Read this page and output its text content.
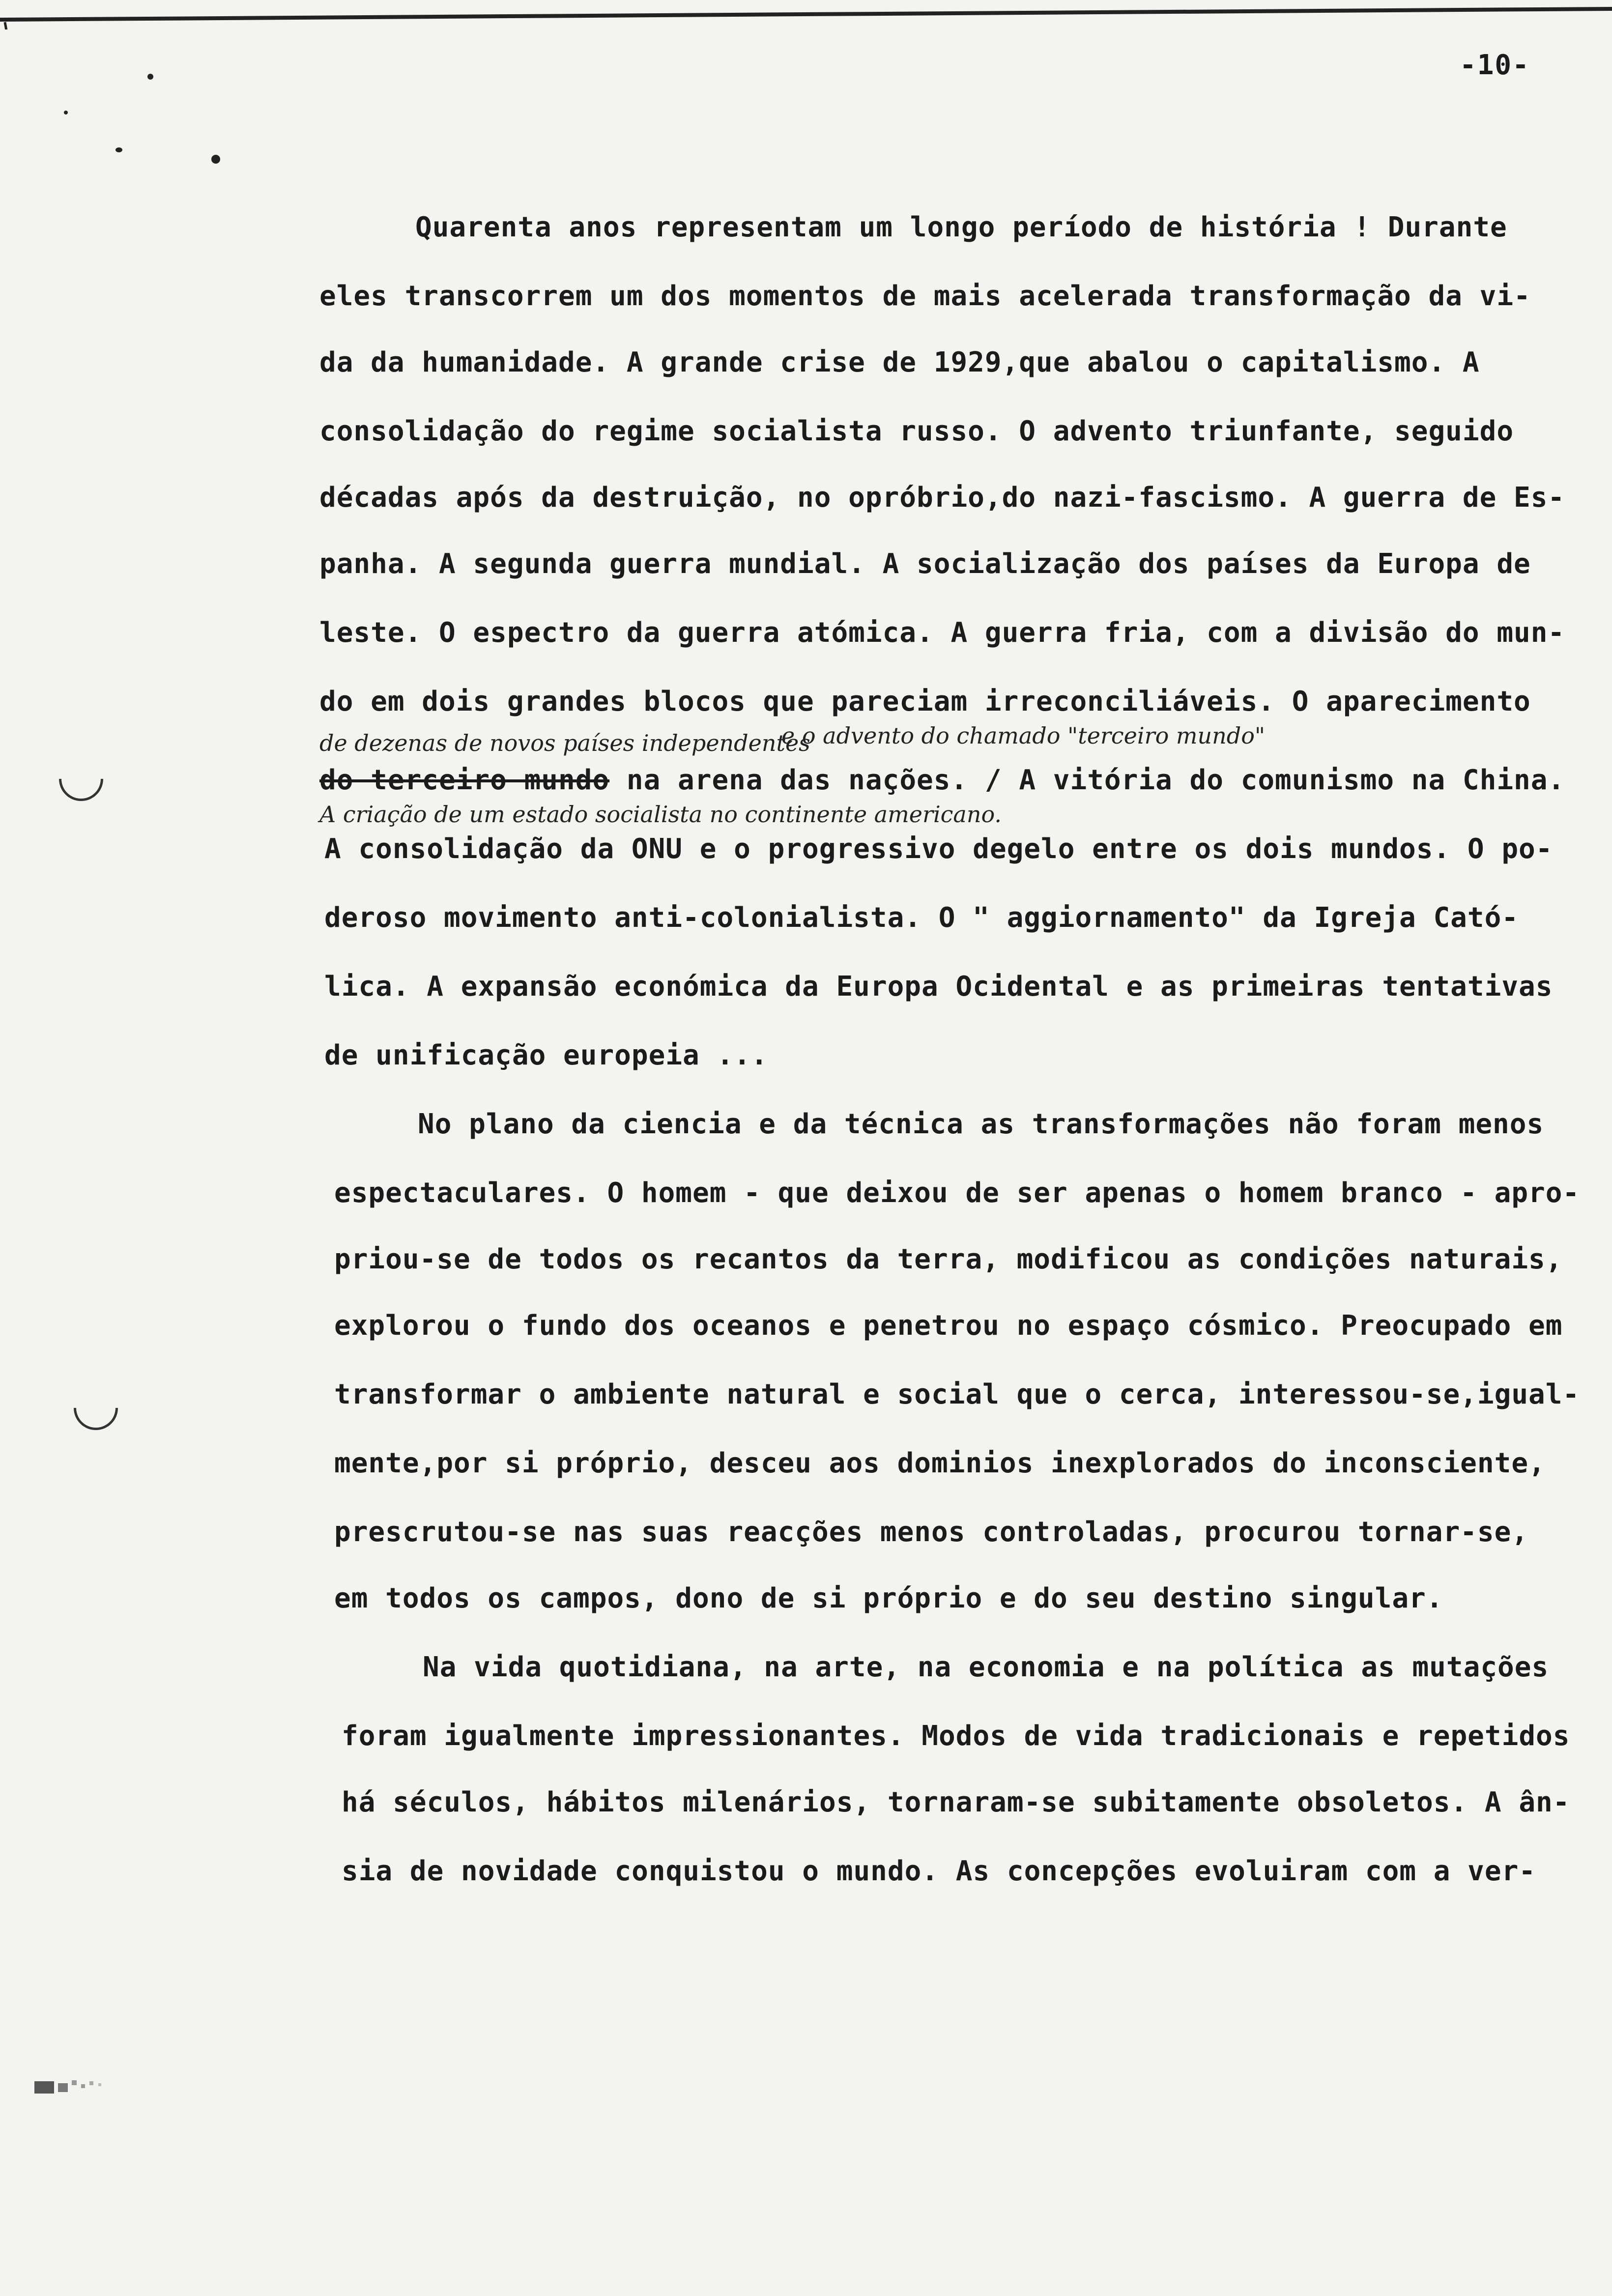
-10-
Quarenta anos representam um longo período de história ! Durante
eles transcorrem um dos momentos de mais acelerada transformação da vi-
da da humanidade. A grande crise de 1929,que abalou o capitalismo. A
consolidação do regime socialista russo. O advento triunfante, seguido
décadas após da destruição, no opróbrio,do nazi-fascismo. A guerra de Es-
panha. A segunda guerra mundial. A socialização dos países da Europa de
leste. O espectro da guerra atómica. A guerra fria, com a divisão do mun-
do em dois grandes blocos que pareciam irreconciliáveis. O aparecimento
de dezenas de novos países independentes
e o advento do chamado "terceiro mundo"
do terceiro mundo na arena das nações. / A vitória do comunismo na China.
A criação de um estado socialista no continente americano.
A consolidação da ONU e o progressivo degelo entre os dois mundos. O po-
deroso movimento anti-colonialista. O " aggiornamento" da Igreja Cató-
lica. A expansão económica da Europa Ocidental e as primeiras tentativas
de unificação europeia ...
No plano da ciencia e da técnica as transformações não foram menos
espectaculares. O homem - que deixou de ser apenas o homem branco - apro-
priou-se de todos os recantos da terra, modificou as condições naturais,
explorou o fundo dos oceanos e penetrou no espaço cósmico. Preocupado em
transformar o ambiente natural e social que o cerca, interessou-se,igual-
mente,por si próprio, desceu aos dominios inexplorados do inconsciente,
prescrutou-se nas suas reacções menos controladas, procurou tornar-se,
em todos os campos, dono de si próprio e do seu destino singular.
Na vida quotidiana, na arte, na economia e na política as mutações
foram igualmente impressionantes. Modos de vida tradicionais e repetidos
há séculos, hábitos milenários, tornaram-se subitamente obsoletos. A ân-
sia de novidade conquistou o mundo. As concepções evoluiram com a ver-
